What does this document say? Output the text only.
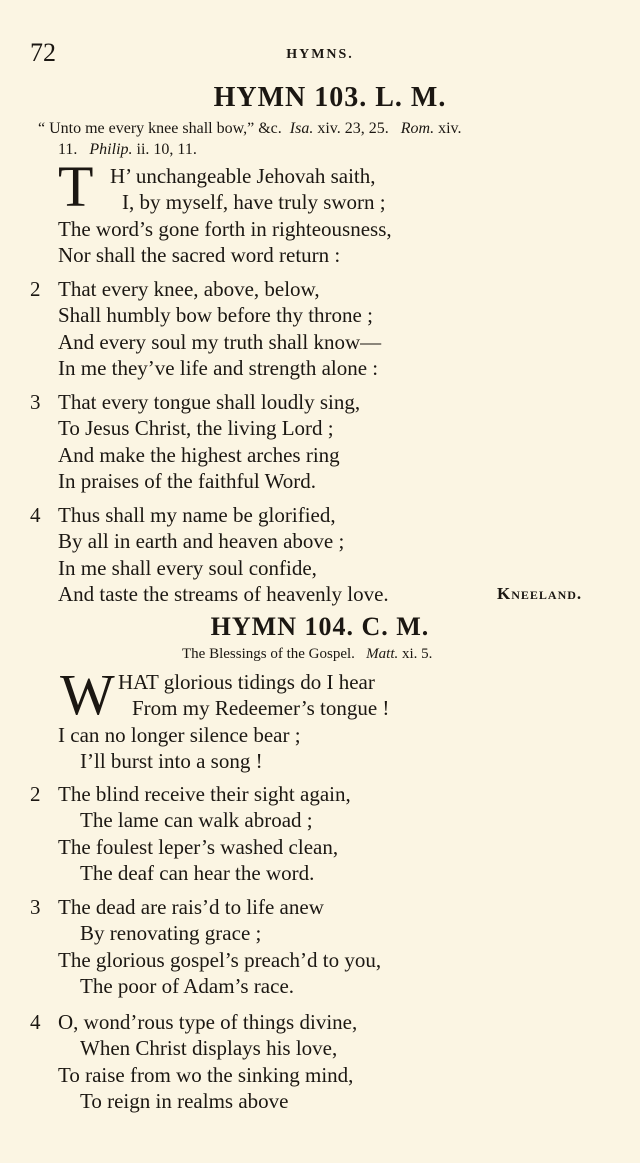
72	HYMNS.
HYMN 103. L. M.
“ Unto me every knee shall bow,” &c. Isa. xiv. 23, 25. Rom. xiv.
11. Philip. ii. 10, 11.
T H’ unchangeable Jehovah saith,
I, by myself, have truly sworn ;
The word’s gone forth in righteousness,
Nor shall the sacred word return :
2 That every knee, above, below,
Shall humbly bow before thy throne ;
And every soul my truth shall know—
In me they’ve life and strength alone :
3 That every tongue shall loudly sing,
To Jesus Christ, the living Lord ;
And make the highest arches ring
In praises of the faithful Word.
4 Thus shall my name be glorified,
By all in earth and heaven above ;
In me shall every soul confide,
And taste the streams of heavenly love.	Kneeland.
HYMN 104. C. M.
The Blessings of the Gospel. Matt. xi. 5.
W HAT glorious tidings do I hear
From my Redeemer’s tongue !
I can no longer silence bear ;
I’ll burst into a song !
2 The blind receive their sight again,
The lame can walk abroad ;
The foulest leper’s washed clean,
The deaf can hear the word.
3 The dead are rais’d to life anew
By renovating grace ;
The glorious gospel’s preach’d to you,
The poor of Adam’s race.
4 O, wond’rous type of things divine,
When Christ displays his love,
To raise from wo the sinking mind,
To reign in realms above
